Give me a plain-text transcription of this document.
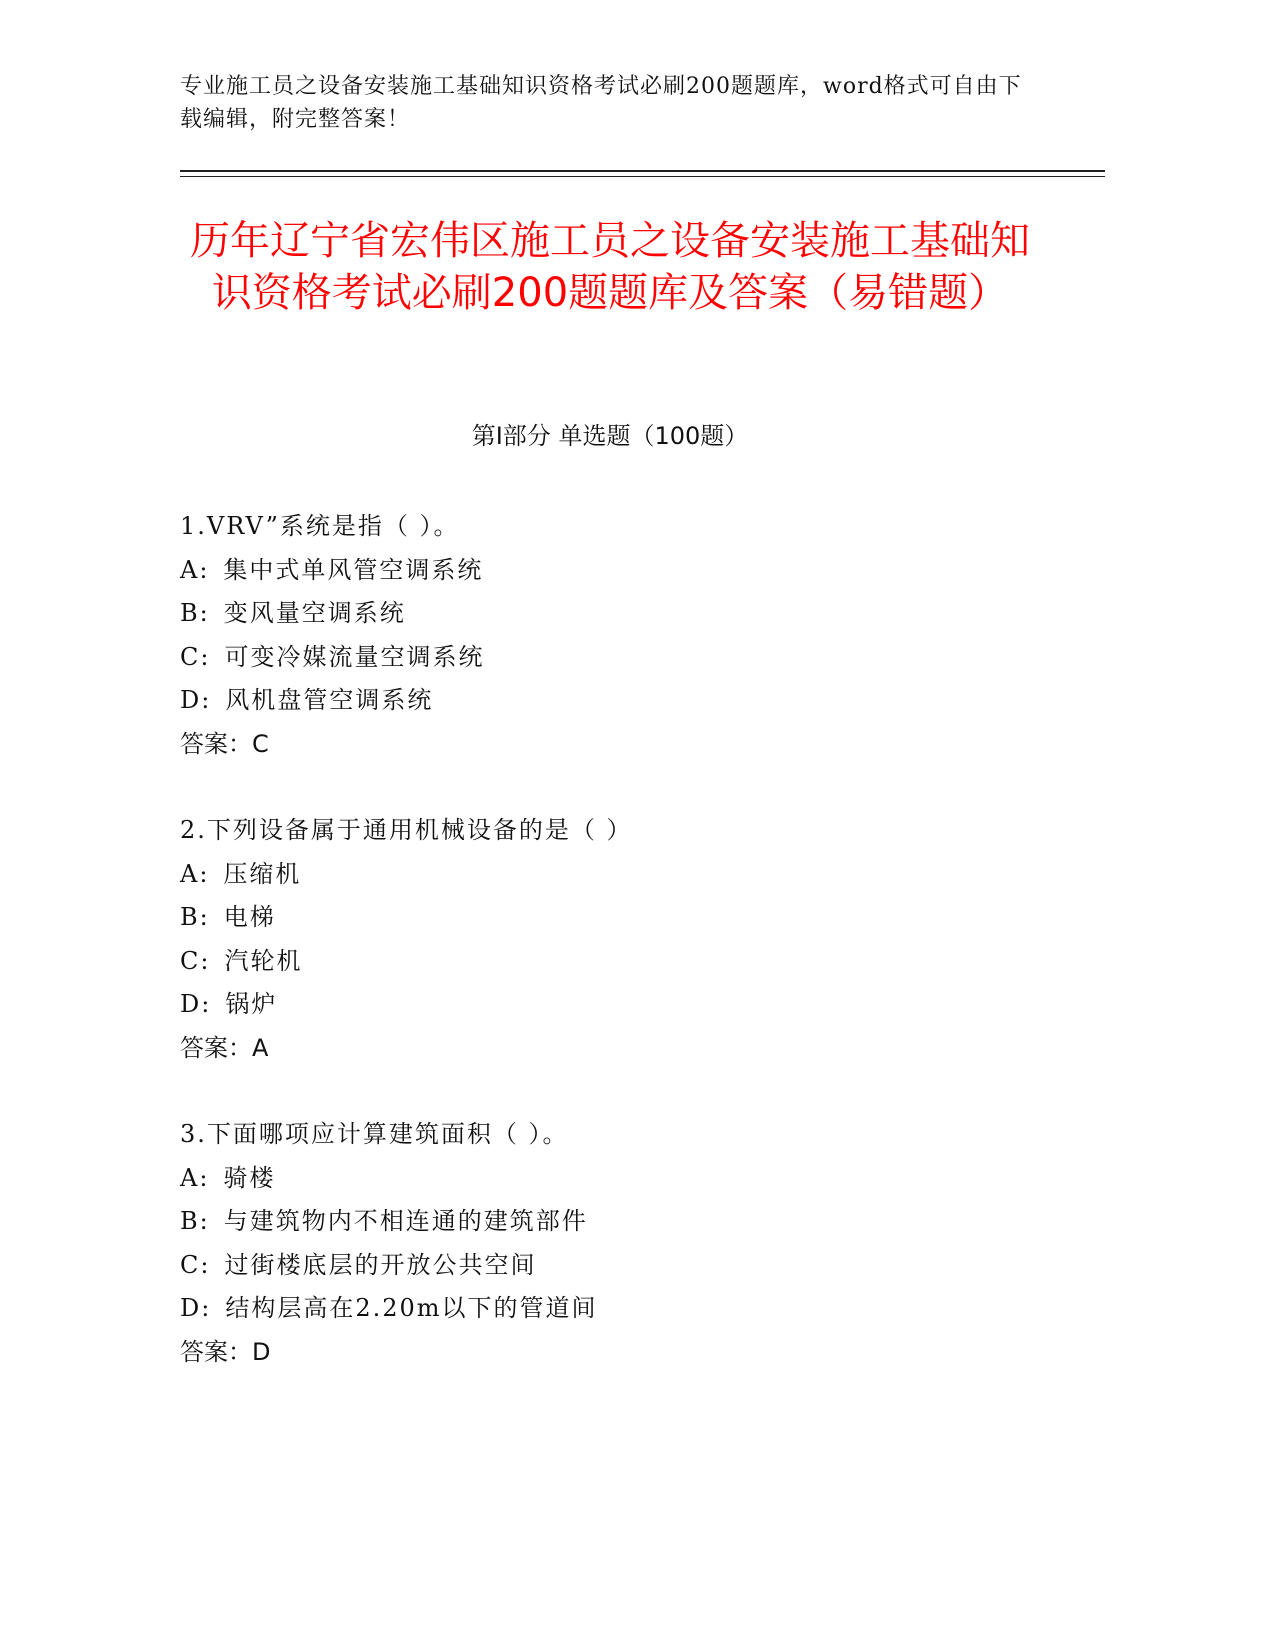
专业施工员之设备安装施工基础知识资格考试必刷200题题库，word格式可自由下载编辑，附完整答案！
历年辽宁省宏伟区施工员之设备安装施工基础知识资格考试必刷200题题库及答案（易错题）
第I部分 单选题（100题）
1.VRV”系统是指（ ）。
A: 集中式单风管空调系统
B: 变风量空调系统
C: 可变冷媒流量空调系统
D: 风机盘管空调系统
答案：C
2.下列设备属于通用机械设备的是（ ）
A: 压缩机
B: 电梯
C: 汽轮机
D: 锅炉
答案：A
3.下面哪项应计算建筑面积（ ）。
A: 骑楼
B: 与建筑物内不相连通的建筑部件
C: 过街楼底层的开放公共空间
D: 结构层高在2.20m以下的管道间
答案：D
